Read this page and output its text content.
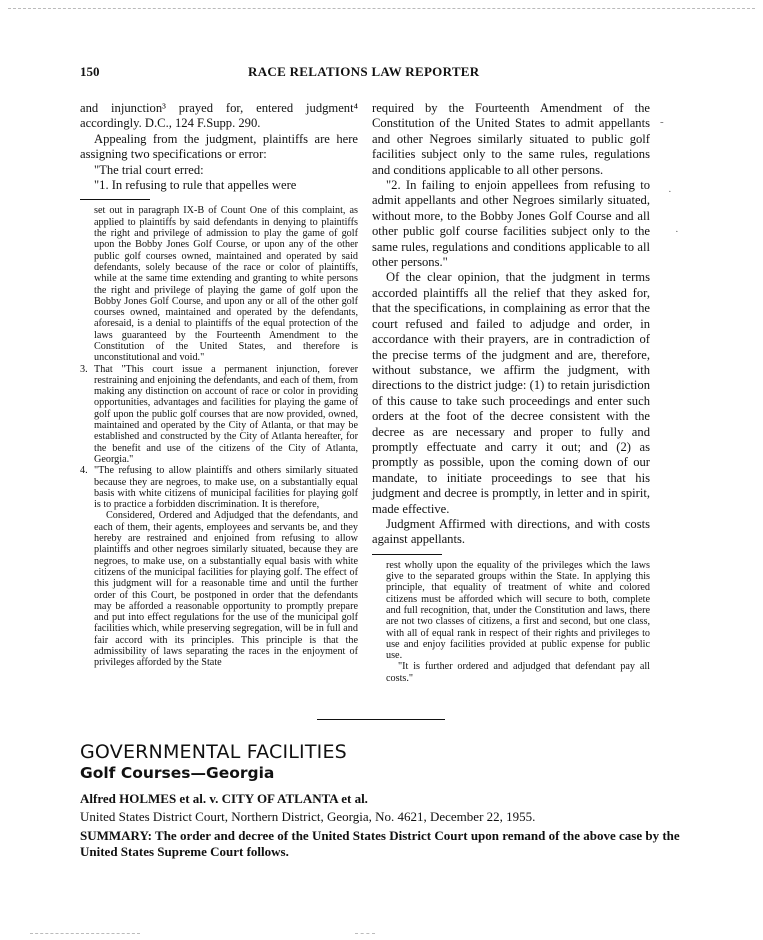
150	RACE RELATIONS LAW REPORTER

and injunction³ prayed for, entered judgment⁴ accordingly. D.C., 124 F.Supp. 290.

Appealing from the judgment, plaintiffs are here assigning two specifications or error:

"The trial court erred:

"1. In refusing to rule that appelles were

set out in paragraph IX-B of Count One of this complaint, as applied to plaintiffs by said defendants in denying to plaintiffs the right and privilege of admission to play the game of golf upon the Bobby Jones Golf Course, or upon any of the other public golf courses owned, maintained and operated by said defendants, solely because of the race or color of plaintiffs, while at the same time extending and granting to white persons the right and privilege of playing the game of golf upon the Bobby Jones Golf Course, and upon any or all of the other golf courses owned, maintained and operated by the defendants, aforesaid, is a denial to plaintiffs of the equal protection of the laws guaranteed by the Fourteenth Amendment to the Constitution of the United States, and therefore is unconstitutional and void."

3. That "This court issue a permanent injunction, forever restraining and enjoining the defendants, and each of them, from making any distinction on account of race or color in providing opportunities, advantages and facilities for playing the game of golf upon the public golf courses that are now provided, owned, maintained and operated by the City of Atlanta, or that may be established and constructed by the City of Atlanta hereafter, for the benefit and use of the citizens of the City of Atlanta, Georgia."
4. "The refusing to allow plaintiffs and others similarly situated because they are negroes, to make use, on a substantially equal basis with white citizens of municipal facilities for playing golf is to practice a forbidden discrimination. It is therefore,

Considered, Ordered and Adjudged that the defendants, and each of them, their agents, employees and servants be, and they hereby are restrained and enjoined from refusing to allow plaintiffs and other negroes similarly situated, because they are negroes, to make use, on a substantially equal basis with white citizens of the municipal facilities for playing golf. The effect of this judgment will for a reasonable time and until the further order of this Court, be postponed in order that the defendants may be afforded a reasonable opportunity to promptly prepare and put into effect regulations for the use of the municipal golf facilities which, while preserving segregation, will be in full and fair accord with its principles. This principle is that the admissibility of laws separating the races in the enjoyment of privileges afforded by the State

required by the Fourteenth Amendment of the Constitution of the United States to admit appellants and other Negroes similarly situated to public golf facilities subject only to the same rules, regulations and conditions applicable to all other persons.

"2. In failing to enjoin appellees from refusing to admit appellants and other Negroes similarly situated, without more, to the Bobby Jones Golf Course and all other public golf course facilities subject only to the same rules, regulations and conditions applicable to all other persons."

Of the clear opinion, that the judgment in terms accorded plaintiffs all the relief that they asked for, that the specifications, in complaining as error that the court refused and failed to adjudge and order, in accordance with their prayers, are in contradiction of the precise terms of the judgment and are, therefore, without substance, we affirm the judgment, with directions to the district judge: (1) to retain jurisdiction of this cause to take such proceedings and enter such orders at the foot of the decree consistent with the decree as are necessary and proper to fully and promptly effectuate and carry it out; and (2) as promptly as possible, upon the coming down of our mandate, to initiate proceedings to see that his judgment and decree is promptly, in letter and in spirit, made effective.

Judgment Affirmed with directions, and with costs against appellants.

rest wholly upon the equality of the privileges which the laws give to the separated groups within the State. In applying this principle, that equality of treatment of white and colored citizens must be afforded which will secure to both, complete and full recognition, that, under the Constitution and laws, there are not two classes of citizens, a first and second, but one class, with all of equal rank in respect of their rights and privileges to use and enjoy facilities provided at public expense for public use.

"It is further ordered and adjudged that defendant pay all costs."

-
·
·
GOVERNMENTAL FACILITIES
Golf Courses—Georgia
Alfred HOLMES et al. v. CITY OF ATLANTA et al.
United States District Court, Northern District, Georgia, No. 4621, December 22, 1955.
SUMMARY: The order and decree of the United States District Court upon remand of the above case by the United States Supreme Court follows.
